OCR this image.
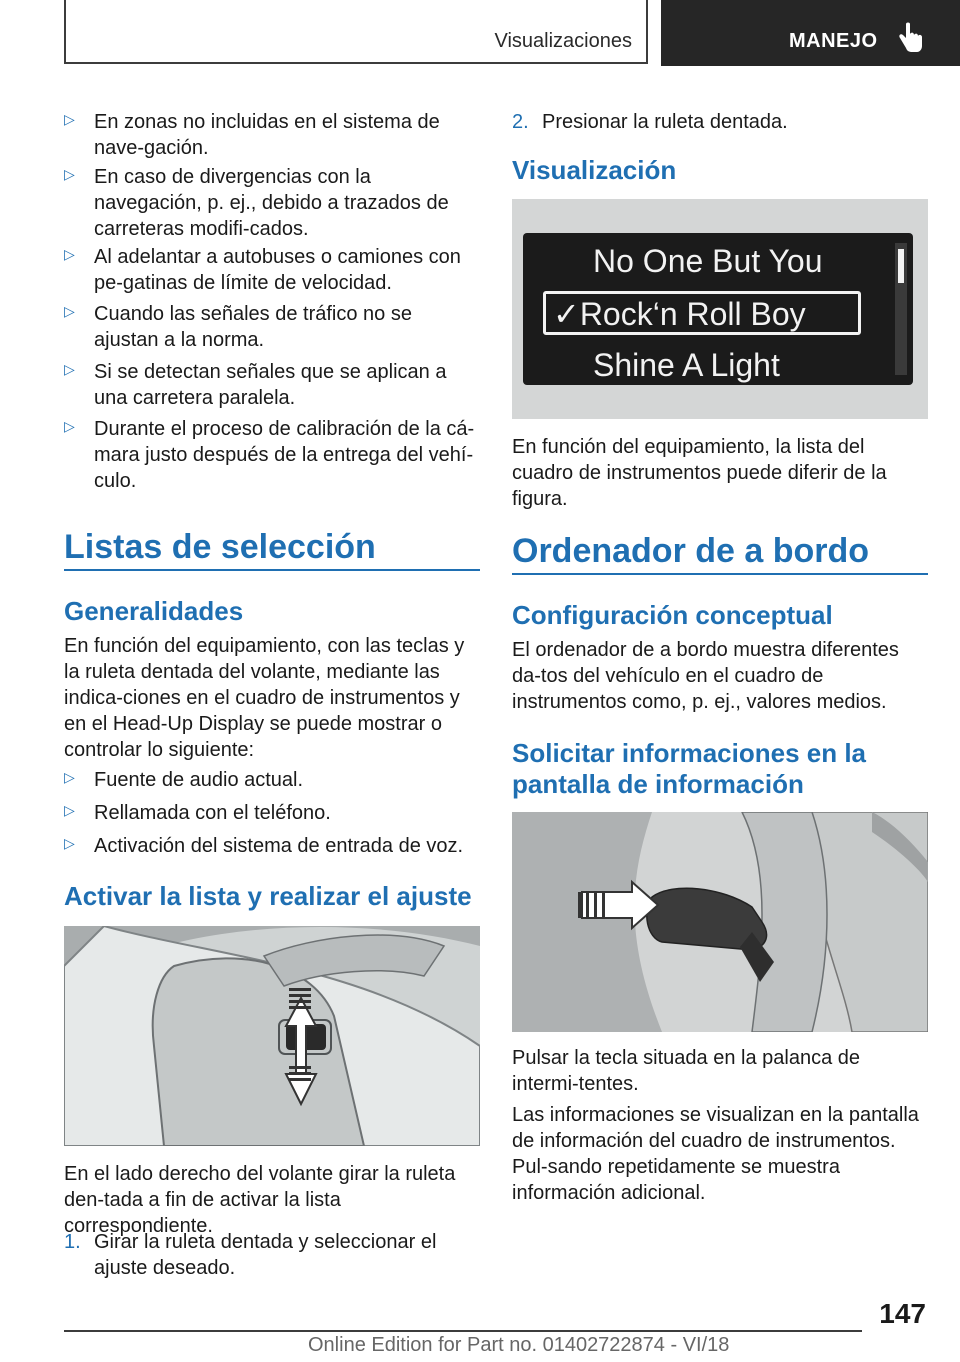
Visualizaciones	MANEJO
▷ En zonas no incluidas en el sistema de nave-gación.
▷ En caso de divergencias con la navegación, p. ej., debido a trazados de carreteras modifi-cados.
▷ Al adelantar a autobuses o camiones con pe-gatinas de límite de velocidad.
▷ Cuando las señales de tráfico no se ajustan a la norma.
▷ Si se detectan señales que se aplican a una carretera paralela.
▷ Durante el proceso de calibración de la cá-mara justo después de la entrega del vehí-culo.
Listas de selección
Generalidades
En función del equipamiento, con las teclas y la ruleta dentada del volante, mediante las indica-ciones en el cuadro de instrumentos y en el Head-Up Display se puede mostrar o controlar lo siguiente:
▷ Fuente de audio actual.
▷ Rellamada con el teléfono.
▷ Activación del sistema de entrada de voz.
Activar la lista y realizar el ajuste
En el lado derecho del volante girar la ruleta den-tada a fin de activar la lista correspondiente.
1. Girar la ruleta dentada y seleccionar el ajuste deseado.
2. Presionar la ruleta dentada.
Visualización
No One But You
✓Rock‘n Roll Boy
Shine A Light
En función del equipamiento, la lista del cuadro de instrumentos puede diferir de la figura.
Ordenador de a bordo
Configuración conceptual
El ordenador de a bordo muestra diferentes da-tos del vehículo en el cuadro de instrumentos como, p. ej., valores medios.
Solicitar informaciones en la pantalla de información
Pulsar la tecla situada en la palanca de intermi-tentes.
Las informaciones se visualizan en la pantalla de información del cuadro de instrumentos. Pul-sando repetidamente se muestra información adicional.
147
Online Edition for Part no. 01402722874 - VI/18
